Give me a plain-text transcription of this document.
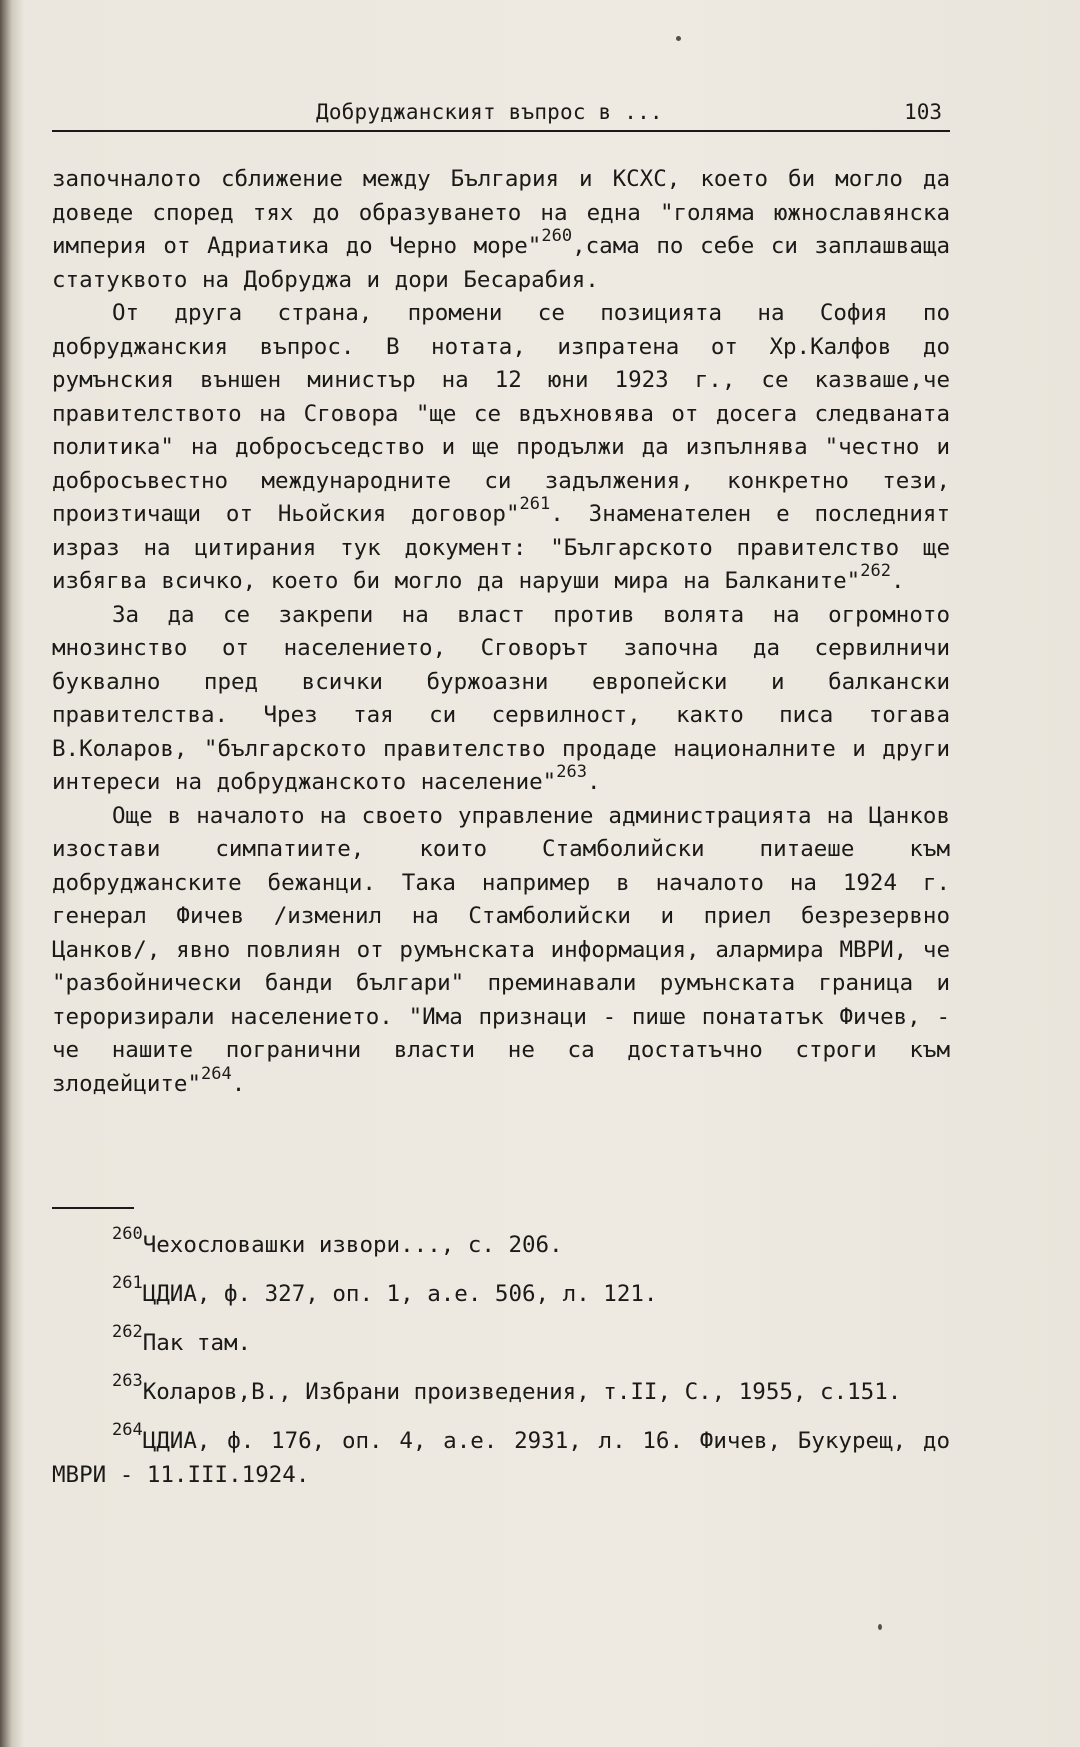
Добруджанският въпрос в ...	103

започналото сближение между България и КСХС, което би могло да доведе според тях до образуването на една "голяма южнославянска империя от Адриатика до Черно море"$^{260}$,сама по себе си заплашваща статуквото на Добруджа и дори Бесарабия.

От друга страна, промени се позицията на София по добруджанския въпрос. В нотата, изпратена от Хр.Калфов до румънския външен министър на 12 юни 1923 г., се казваше,че правителството на Сговора "ще се вдъхновява от досега следваната политика" на добросъседство и ще продължи да изпълнява "честно и добросъвестно международните си задължения, конкретно тези, произтичащи от Ньойския договор"$^{261}$. Знаменателен е последният израз на цитирания тук документ: "Българското правителство ще избягва всичко, което би могло да наруши мира на Балканите"$^{262}$.

За да се закрепи на власт против волята на огромното мнозинство от населението, Сговорът започна да сервилничи буквално пред всички буржоазни европейски и балкански правителства. Чрез тая си сервилност, както писа тогава В.Коларов, "българското правителство продаде националните и други интереси на добруджанското население"$^{263}$.

Още в началото на своето управление администрацията на Цанков изостави симпатиите, които Стамболийски питаеше към добруджанските бежанци. Така например в началото на 1924 г. генерал Фичев /изменил на Стамболийски и приел безрезервно Цанков/, явно повлиян от румънската информация, алармира МВРИ, че "разбойнически банди българи" преминавали румънската граница и тероризирали населението. "Има признаци - пише понататък Фичев, - че нашите погранични власти не са достатъчно строги към злодейците"$^{264}$.

$^{260}$Чехословашки извори..., с. 206.

$^{261}$ЦДИА, ф. 327, оп. 1, а.е. 506, л. 121.

$^{262}$Пак там.

$^{263}$Коларов,В., Избрани произведения, т.II, С., 1955, с.151.

$^{264}$ЦДИА, ф. 176, оп. 4, а.е. 2931, л. 16. Фичев, Букурещ, до МВРИ - 11.III.1924.
